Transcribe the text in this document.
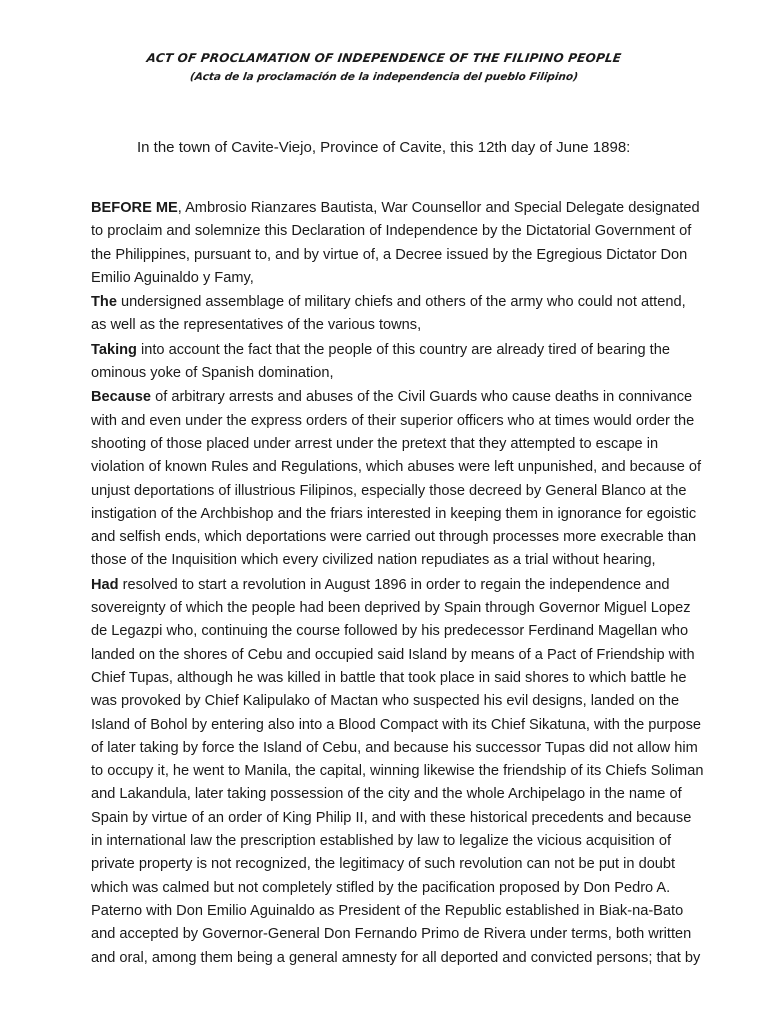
ACT OF PROCLAMATION OF INDEPENDENCE OF THE FILIPINO PEOPLE
(Acta de la proclamación de la independencia del pueblo Filipino)
In the town of Cavite-Viejo, Province of Cavite, this 12th day of June 1898:
BEFORE ME, Ambrosio Rianzares Bautista, War Counsellor and Special Delegate designated
to proclaim and solemnize this Declaration of Independence by the Dictatorial Government of
the Philippines, pursuant to, and by virtue of, a Decree issued by the Egregious Dictator Don
Emilio Aguinaldo y Famy,
The undersigned assemblage of military chiefs and others of the army who could not attend,
as well as the representatives of the various towns,
Taking into account the fact that the people of this country are already tired of bearing the
ominous yoke of Spanish domination,
Because of arbitrary arrests and abuses of the Civil Guards who cause deaths in connivance
with and even under the express orders of their superior officers who at times would order the
shooting of those placed under arrest under the pretext that they attempted to escape in
violation of known Rules and Regulations, which abuses were left unpunished, and because of
unjust deportations of illustrious Filipinos, especially those decreed by General Blanco at the
instigation of the Archbishop and the friars interested in keeping them in ignorance for egoistic
and selfish ends, which deportations were carried out through processes more execrable than
those of the Inquisition which every civilized nation repudiates as a trial without hearing,
Had resolved to start a revolution in August 1896 in order to regain the independence and
sovereignty of which the people had been deprived by Spain through Governor Miguel Lopez
de Legazpi who, continuing the course followed by his predecessor Ferdinand Magellan who
landed on the shores of Cebu and occupied said Island by means of a Pact of Friendship with
Chief Tupas, although he was killed in battle that took place in said shores to which battle he
was provoked by Chief Kalipulako of Mactan who suspected his evil designs, landed on the
Island of Bohol by entering also into a Blood Compact with its Chief Sikatuna, with the purpose
of later taking by force the Island of Cebu, and because his successor Tupas did not allow him
to occupy it, he went to Manila, the capital, winning likewise the friendship of its Chiefs Soliman
and Lakandula, later taking possession of the city and the whole Archipelago in the name of
Spain by virtue of an order of King Philip II, and with these historical precedents and because
in international law the prescription established by law to legalize the vicious acquisition of
private property is not recognized, the legitimacy of such revolution can not be put in doubt
which was calmed but not completely stifled by the pacification proposed by Don Pedro A.
Paterno with Don Emilio Aguinaldo as President of the Republic established in Biak-na-Bato
and accepted by Governor-General Don Fernando Primo de Rivera under terms, both written
and oral, among them being a general amnesty for all deported and convicted persons; that by
